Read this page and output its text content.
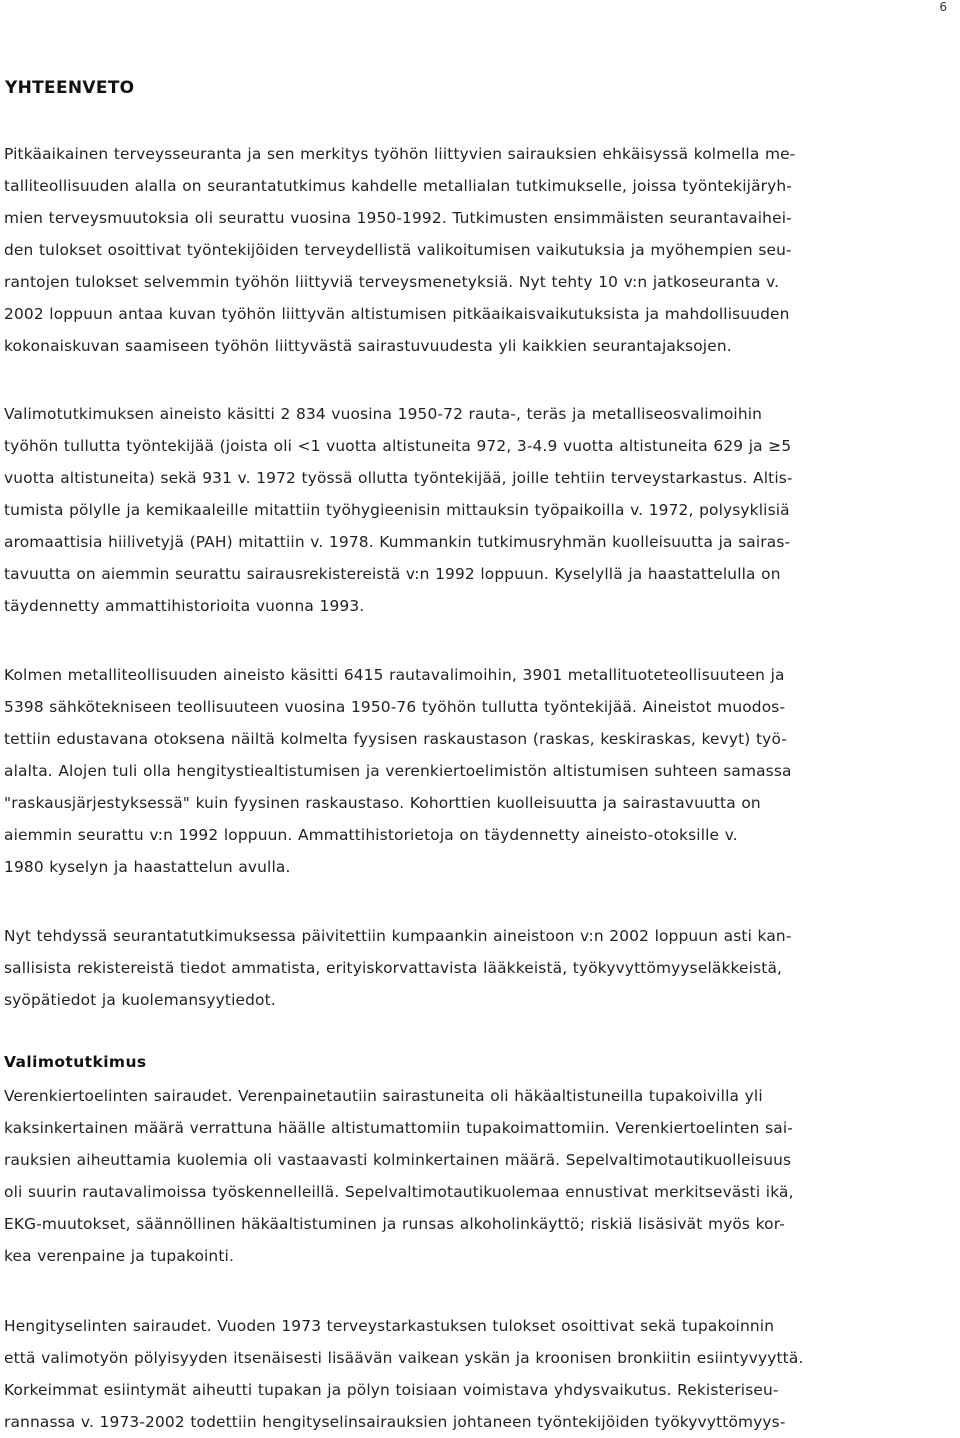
6
YHTEENVETO
Pitkäaikainen terveysseuranta ja sen merkitys työhön liittyvien sairauksien ehkäisyssä kolmella me-
talliteollisuuden alalla on seurantatutkimus kahdelle metallialan tutkimukselle, joissa työntekijäryh-
mien terveysmuutoksia oli seurattu vuosina 1950-1992. Tutkimusten ensimmäisten seurantavaihei-
den tulokset osoittivat työntekijöiden terveydellistä valikoitumisen vaikutuksia ja myöhempien seu-
rantojen tulokset selvemmin työhön liittyviä terveysmenetyksiä. Nyt tehty 10 v:n jatkoseuranta v.
2002 loppuun antaa kuvan työhön liittyvän altistumisen pitkäaikaisvaikutuksista ja mahdollisuuden
kokonaiskuvan saamiseen työhön liittyvästä sairastuvuudesta yli kaikkien seurantajaksojen.
Valimotutkimuksen aineisto käsitti 2 834 vuosina 1950-72 rauta-, teräs ja metalliseosvalimoihin
työhön tullutta työntekijää (joista oli <1 vuotta altistuneita 972, 3-4.9 vuotta altistuneita 629 ja ≥5
vuotta altistuneita) sekä 931 v. 1972 työssä ollutta työntekijää, joille tehtiin terveystarkastus. Altis-
tumista pölylle ja kemikaaleille mitattiin työhygieenisin mittauksin työpaikoilla v. 1972, polysyklisiä
aromaattisia hiilivetyjä (PAH) mitattiin v. 1978. Kummankin tutkimusryhmän kuolleisuutta ja sairas-
tavuutta on aiemmin seurattu sairausrekistereistä v:n 1992 loppuun. Kyselyllä ja haastattelulla on
täydennetty ammattihistorioita vuonna 1993.
Kolmen metalliteollisuuden aineisto käsitti 6415 rautavalimoihin, 3901 metallituoteteollisuuteen ja
5398 sähkötekniseen teollisuuteen vuosina 1950-76 työhön tullutta työntekijää. Aineistot muodos-
tettiin edustavana otoksena näiltä kolmelta fyysisen raskaustason (raskas, keskiraskas, kevyt) työ-
alalta. Alojen tuli olla hengitystiealtistumisen ja verenkiertoelimistön altistumisen suhteen samassa
"raskausjärjestyksessä" kuin fyysinen raskaustaso. Kohorttien kuolleisuutta ja sairastavuutta on
aiemmin seurattu v:n 1992 loppuun. Ammattihistorietoja on täydennetty aineisto-otoksille v.
1980 kyselyn ja haastattelun avulla.
Nyt tehdyssä seurantatutkimuksessa päivitettiin kumpaankin aineistoon v:n 2002 loppuun asti kan-
sallisista rekistereistä tiedot ammatista, erityiskorvattavista lääkkeistä, työkyvyttömyyseläkkeistä,
syöpätiedot ja kuolemansyytiedot.
Valimotutkimus
Verenkiertoelinten sairaudet. Verenpainetautiin sairastuneita oli häkäaltistuneilla tupakoivilla yli
kaksinkertainen määrä verrattuna häälle altistumattomiin tupakoimattomiin. Verenkiertoelinten sai-
rauksien aiheuttamia kuolemia oli vastaavasti kolminkertainen määrä. Sepelvaltimotautikuolleisuus
oli suurin rautavalimoissa työskennelleillä. Sepelvaltimotautikuolemaa ennustivat merkitsevästi ikä,
EKG-muutokset, säännöllinen häkäaltistuminen ja runsas alkoholinkäyttö; riskiä lisäsivät myös kor-
kea verenpaine ja tupakointi.
Hengityselinten sairaudet. Vuoden 1973 terveystarkastuksen tulokset osoittivat sekä tupakoinnin
että valimotyön pölyisyyden itsenäisesti lisäävän vaikean yskän ja kroonisen bronkiitin esiintyvyyttä.
Korkeimmat esiintymät aiheutti tupakan ja pölyn toisiaan voimistava yhdysvaikutus. Rekisteriseu-
rannassa v. 1973-2002 todettiin hengityselinsairauksien johtaneen työntekijöiden työkyvyttömyys-
